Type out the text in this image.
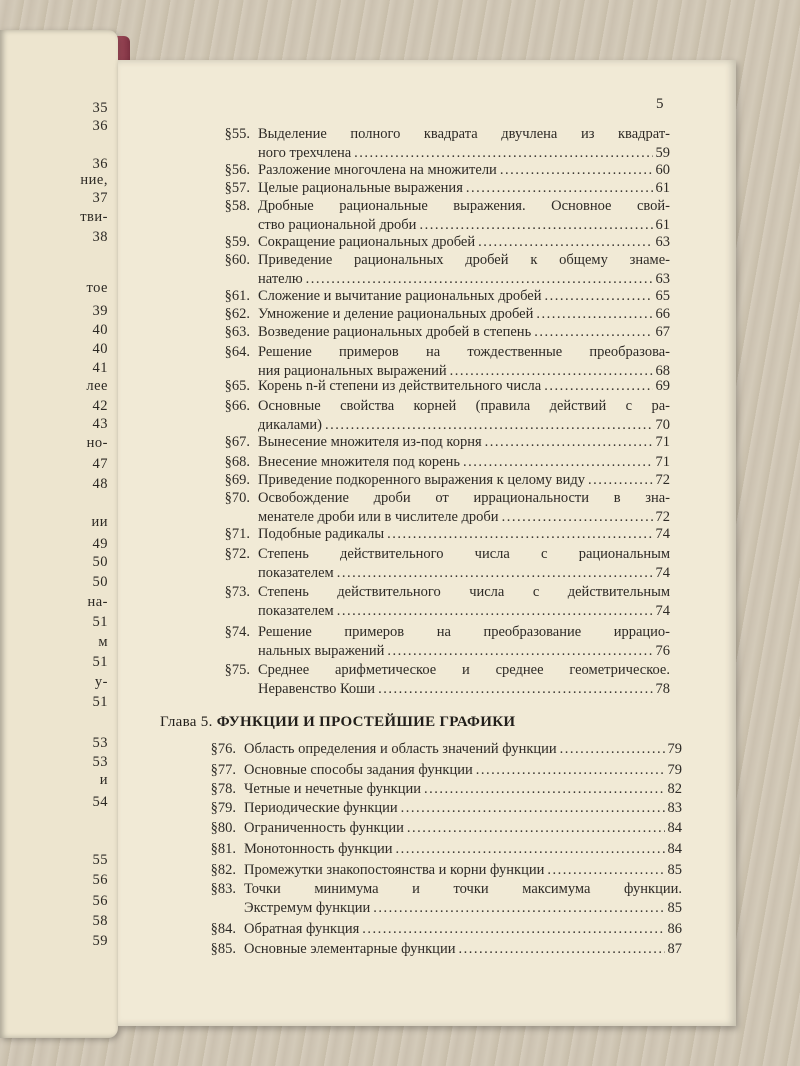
35
36
36
ние,
37
тви-
38
тое
39
40
40
41
лее
42
43
но-
47
48
ии
49
50
50
на-
51
м
51
у-
51
53
53
и
54
55
56
56
58
59
5
§55. Выделение полного квадрата двучлена из квадрат-
ного трехчлена .....	59
§56. Разложение многочлена на множители .....	60
§57. Целые рациональные выражения .....	61
§58. Дробные рациональные выражения. Основное свой-
ство рациональной дроби .....	61
§59. Сокращение рациональных дробей .....	63
§60. Приведение рациональных дробей к общему знаме-
нателю .....	63
§61. Сложение и вычитание рациональных дробей .....	65
§62. Умножение и деление рациональных дробей .....	66
§63. Возведение рациональных дробей в степень .....	67
§64. Решение примеров на тождественные преобразова-
ния рациональных выражений .....	68
§65. Корень n-й степени из действительного числа .....	69
§66. Основные свойства корней (правила действий с ра-
дикалами) .....	70
§67. Вынесение множителя из-под корня .....	71
§68. Внесение множителя под корень .....	71
§69. Приведение подкоренного выражения к целому виду .....	72
§70. Освобождение дроби от иррациональности в зна-
менателе дроби или в числителе дроби .....	72
§71. Подобные радикалы .....	74
§72. Степень действительного числа с рациональным
показателем .....	74
§73. Степень действительного числа с действительным
показателем .....	74
§74. Решение примеров на преобразование иррацио-
нальных выражений .....	76
§75. Среднее арифметическое и среднее геометрическое.
Неравенство Коши .....	78
§76. Область определения и область значений функции .....	79
§77. Основные способы задания функции .....	79
§78. Четные и нечетные функции .....	82
§79. Периодические функции .....	83
§80. Ограниченность функции .....	84
§81. Монотонность функции .....	84
§82. Промежутки знакопостоянства и корни функции .....	85
§83. Точки минимума и точки максимума функции.
Экстремум функции .....	85
§84. Обратная функция .....	86
§85. Основные элементарные функции .....	87
Глава 5. ФУНКЦИИ И ПРОСТЕЙШИЕ ГРАФИКИ
